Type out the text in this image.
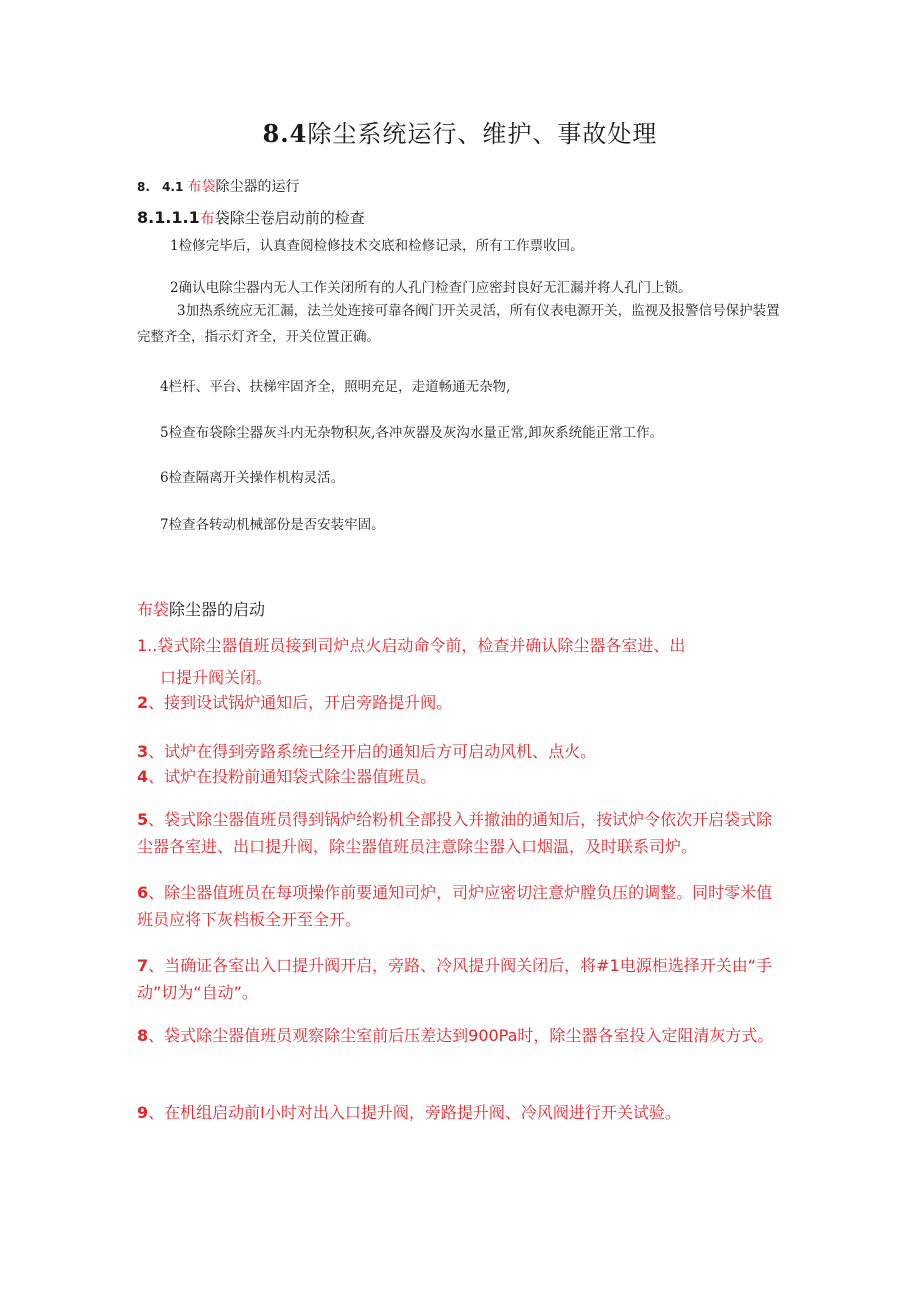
8.4除尘系统运行、维护、事故处理
8. 4.1 布袋除尘器的运行
8.1.1.1布袋除尘卷启动前的检查
1检修完毕后，认真查阅检修技术交底和检修记录，所有工作票收回。
2确认电除尘器内无人工作关闭所有的人孔门检查门应密封良好无汇漏并将人孔门上锁。
3加热系统应无汇漏，法兰处连接可靠各阀门开关灵活，所有仪表电源开关，监视及报警信号保护装置完整齐全，指示灯齐全，开关位置正确。
4栏杆、平台、扶梯牢固齐全，照明充足，走道畅通无杂物,
5检查布袋除尘器灰斗内无杂物积灰,各冲灰器及灰沟水量正常,卸灰系统能正常工作。
6检查隔离开关操作机构灵活。
7检查各转动机械部份是否安装牢固。
布袋除尘器的启动
1..袋式除尘器值班员接到司炉点火启动命令前，检查并确认除尘器各室进、出
口提升阀关闭。
2、接到设试锅炉通知后，开启旁路提升阀。
3、试炉在得到旁路系统已经开启的通知后方可启动风机、点火。
4、试炉在投粉前通知袋式除尘器值班员。
5、袋式除尘器值班员得到锅炉给粉机全部投入并撤油的通知后，按试炉令依次开启袋式除尘器各室进、出口提升阀，除尘器值班员注意除尘器入口烟温，及时联系司炉。
6、除尘器值班员在每项操作前要通知司炉，司炉应密切注意炉膛负压的调整。同时零米值班员应将下灰档板全开至全开。
7、当确证各室出入口提升阀开启，旁路、冷风提升阀关闭后，将#1电源柜选择开关由“手动”切为“自动”。
8、袋式除尘器值班员观察除尘室前后压差达到900Pa时，除尘器各室投入定阻清灰方式。
9、在机组启动前I小时对出入口提升阀，旁路提升阀、冷风阀进行开关试验。
